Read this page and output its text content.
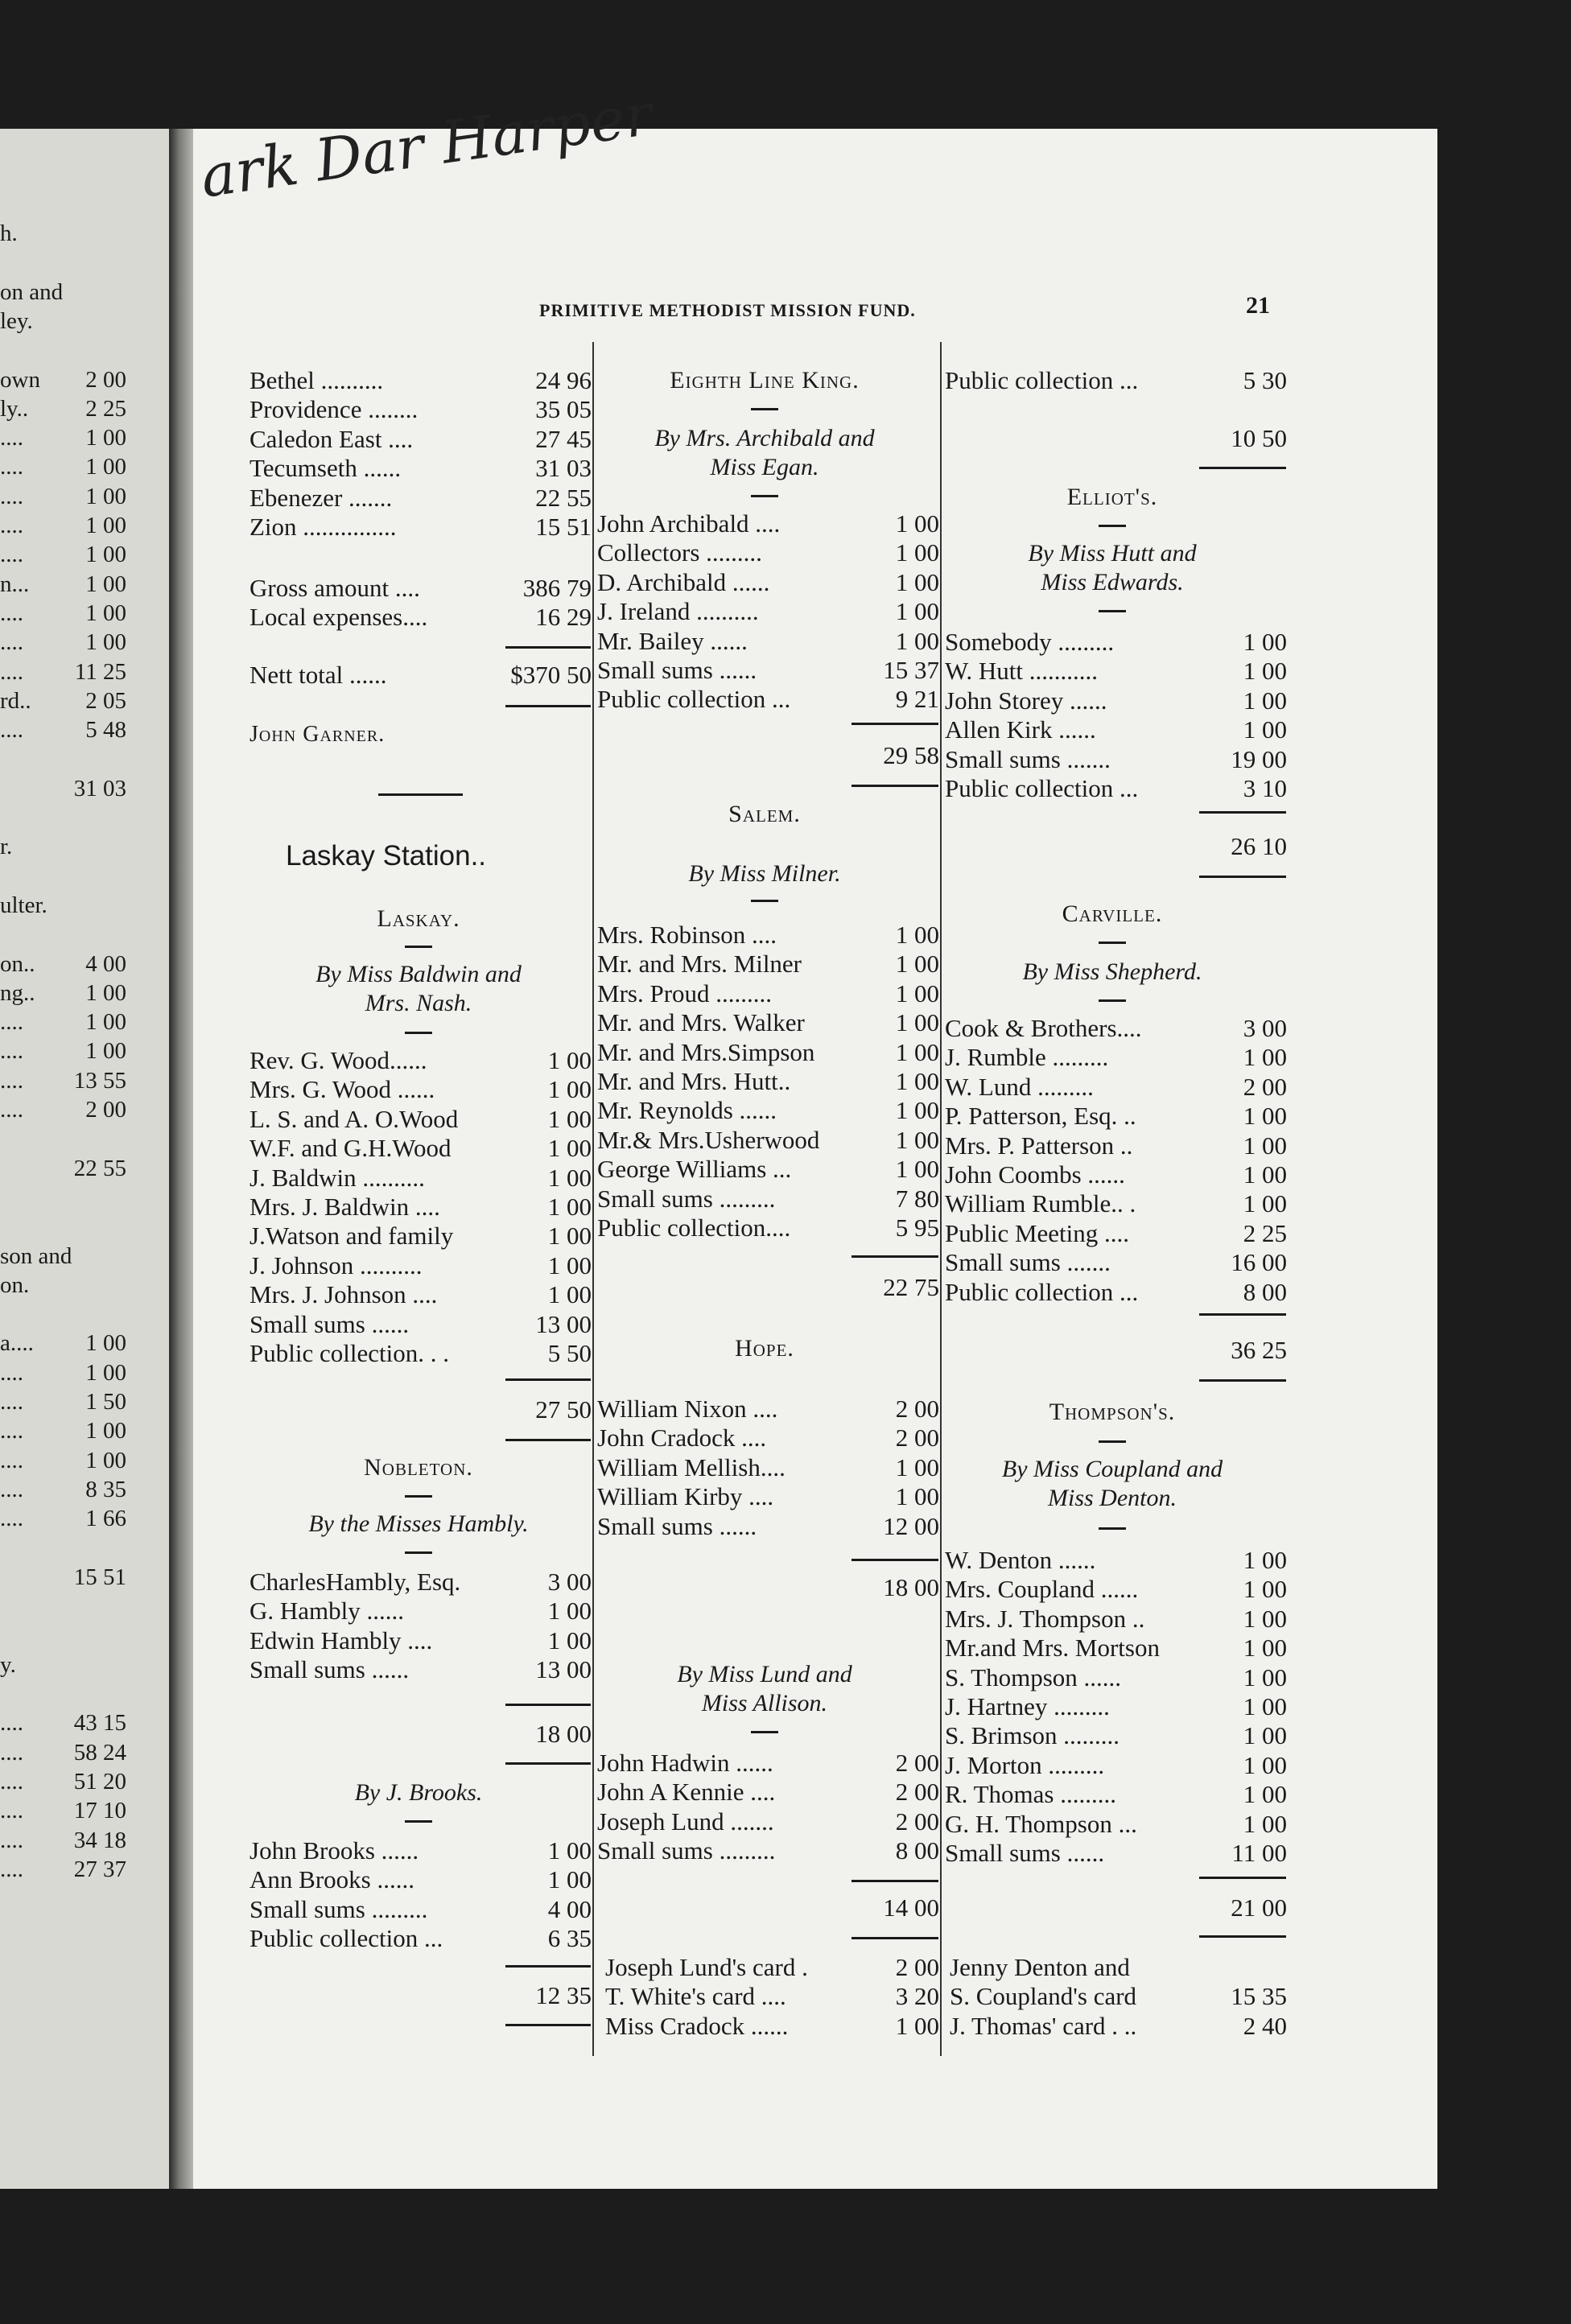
h.
on and
ley.
own 2 00
ly.. 2 25
....	1 00
....	1 00
....	1 00
....	1 00
....	1 00
n... 1 00
....	1 00
....	1 00
.... 11 25
rd.. 2 05
....	5 48
31 03
r.
ulter.
on.. 4 00
ng.. 1 00
....	1 00
....	1 00
.... 13 55
....	2 00
22 55
son and
on.
a.... 1 00
....	1 00
....	1 50
....	1 00
....	1 00
....	8 35
....	1 66
15 51
y.
.... 43 15
.... 58 24
.... 51 20
.... 17 10
.... 34 18
.... 27 37
ark Dar Harper
PRIMITIVE METHODIST MISSION FUND.	21
Bethel ..........	24 96
Providence ........	35 05
Caledon East ....	27 45
Tecumseth ......	31 03
Ebenezer .......	22 55
Zion ...............	15 51
Gross amount ....	386 79
Local expenses....	16 29
Nett total ......	$370 50
John Garner.
Laskay Station..
Laskay.
By Miss Baldwin and
Mrs. Nash.
Rev. G. Wood......	1 00
Mrs. G. Wood ......	1 00
L. S. and A. O.Wood	1 00
W.F. and G.H.Wood	1 00
J. Baldwin ..........	1 00
Mrs. J. Baldwin ....	1 00
J.Watson and family	1 00
J. Johnson ..........	1 00
Mrs. J. Johnson ....	1 00
Small sums ......	13 00
Public collection. . .	5 50
27 50
Nobleton.
By the Misses Hambly.
CharlesHambly, Esq.	3 00
G. Hambly ......	1 00
Edwin Hambly ....	1 00
Small sums ......	13 00
18 00
By J. Brooks.
John Brooks ......	1 00
Ann Brooks ......	1 00
Small sums .........	4 00
Public collection ...	6 35
12 35
Eighth Line King.
By Mrs. Archibald and
Miss Egan.
John Archibald ....	1 00
Collectors .........	1 00
D. Archibald ......	1 00
J. Ireland ..........	1 00
Mr. Bailey ......	1 00
Small sums ......	15 37
Public collection ...	9 21
29 58
Salem.
By Miss Milner.
Mrs. Robinson ....	1 00
Mr. and Mrs. Milner	1 00
Mrs. Proud .........	1 00
Mr. and Mrs. Walker	1 00
Mr. and Mrs.Simpson	1 00
Mr. and Mrs. Hutt..	1 00
Mr. Reynolds ......	1 00
Mr.& Mrs.Usherwood	1 00
George Williams ...	1 00
Small sums .........	7 80
Public collection....	5 95
22 75
Hope.
William Nixon ....	2 00
John Cradock ....	2 00
William Mellish....	1 00
William Kirby ....	1 00
Small sums ......	12 00
18 00
By Miss Lund and
Miss Allison.
John Hadwin ......	2 00
John A Kennie ....	2 00
Joseph Lund .......	2 00
Small sums .........	8 00
14 00
Joseph Lund's card .	2 00
T. White's card ....	3 20
Miss Cradock ......	1 00
Public collection ...	5 30
10 50
Elliot's.
By Miss Hutt and
Miss Edwards.
Somebody .........	1 00
W. Hutt ...........	1 00
John Storey ......	1 00
Allen Kirk ......	1 00
Small sums .......	19 00
Public collection ...	3 10
26 10
Carville.
By Miss Shepherd.
Cook & Brothers....	3 00
J. Rumble .........	1 00
W. Lund .........	2 00
P. Patterson, Esq. ..	1 00
Mrs. P. Patterson ..	1 00
John Coombs ......	1 00
William Rumble.. .	1 00
Public Meeting ....	2 25
Small sums .......	16 00
Public collection ...	8 00
36 25
Thompson's.
By Miss Coupland and
Miss Denton.
W. Denton ......	1 00
Mrs. Coupland ......	1 00
Mrs. J. Thompson ..	1 00
Mr.and Mrs. Mortson	1 00
S. Thompson ......	1 00
J. Hartney .........	1 00
S. Brimson .........	1 00
J. Morton .........	1 00
R. Thomas .........	1 00
G. H. Thompson ...	1 00
Small sums ......	11 00
21 00
Jenny Denton and
S. Coupland's card	15 35
J. Thomas' card . ..	2 40
